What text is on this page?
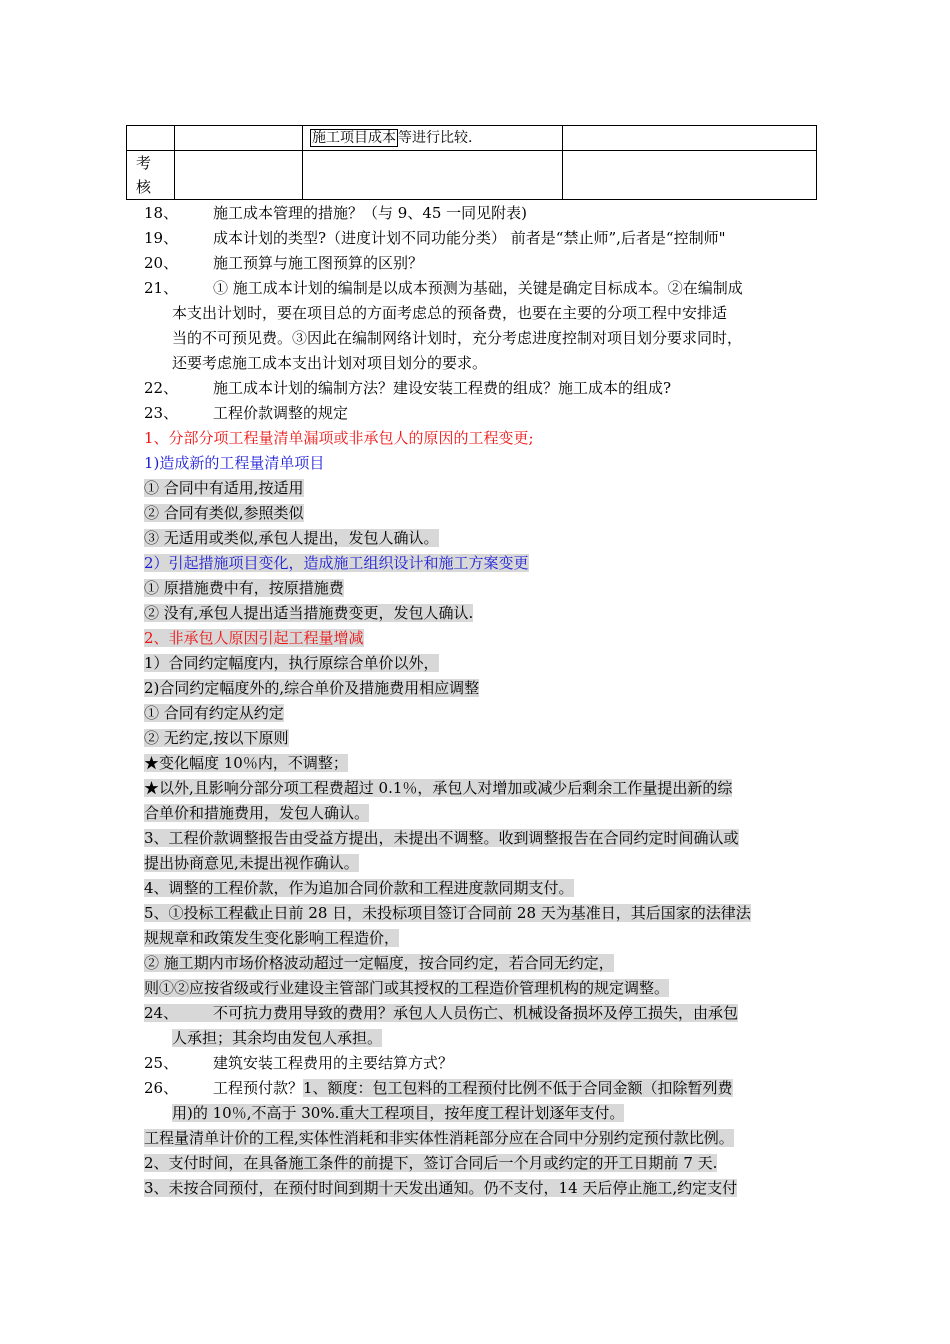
		施工项目成本 等进行比较.	

考
核			

18、 施工成本管理的措施？（与 9、45 一同见附表)
19、 成本计划的类型?（进度计划不同功能分类） 前者是“禁止师”,后者是“控制师"
20、 施工预算与施工图预算的区别？
21、 ① 施工成本计划的编制是以成本预测为基础，关键是确定目标成本。②在编制成
本支出计划时，要在项目总的方面考虑总的预备费，也要在主要的分项工程中安排适
当的不可预见费。③因此在编制网络计划时，充分考虑进度控制对项目划分要求同时，
还要考虑施工成本支出计划对项目划分的要求。
22、 施工成本计划的编制方法？建设安装工程费的组成？施工成本的组成?
23、 工程价款调整的规定
1、分部分项工程量清单漏项或非承包人的原因的工程变更;
1)造成新的工程量清单项目
① 合同中有适用,按适用
② 合同有类似,参照类似
③ 无适用或类似,承包人提出，发包人确认。
2）引起措施项目变化，造成施工组织设计和施工方案变更
① 原措施费中有，按原措施费
② 没有,承包人提出适当措施费变更，发包人确认.
2、非承包人原因引起工程量增减
1）合同约定幅度内，执行原综合单价以外，
2)合同约定幅度外的,综合单价及措施费用相应调整
① 合同有约定从约定
② 无约定,按以下原则
★变化幅度 10％内，不调整；
★以外,且影响分部分项工程费超过 0.1％，承包人对增加或减少后剩余工作量提出新的综
合单价和措施费用，发包人确认。
3、工程价款调整报告由受益方提出，未提出不调整。收到调整报告在合同约定时间确认或
提出协商意见,未提出视作确认。
4、调整的工程价款，作为追加合同价款和工程进度款同期支付。
5、①投标工程截止日前 28 日，未投标项目签订合同前 28 天为基准日，其后国家的法律法
规规章和政策发生变化影响工程造价，
② 施工期内市场价格波动超过一定幅度，按合同约定，若合同无约定，
则①②应按省级或行业建设主管部门或其授权的工程造价管理机构的规定调整。
24、 不可抗力费用导致的费用？承包人人员伤亡、机械设备损坏及停工损失，由承包
人承担；其余均由发包人承担。
25、 建筑安装工程费用的主要结算方式？
26、 工程预付款？1、额度：包工包料的工程预付比例不低于合同金额（扣除暂列费
用)的 10％,不高于 30%.重大工程项目，按年度工程计划逐年支付。
工程量清单计价的工程,实体性消耗和非实体性消耗部分应在合同中分别约定预付款比例。
2、支付时间，在具备施工条件的前提下，签订合同后一个月或约定的开工日期前 7 天.
3、未按合同预付，在预付时间到期十天发出通知。仍不支付，14 天后停止施工,约定支付
